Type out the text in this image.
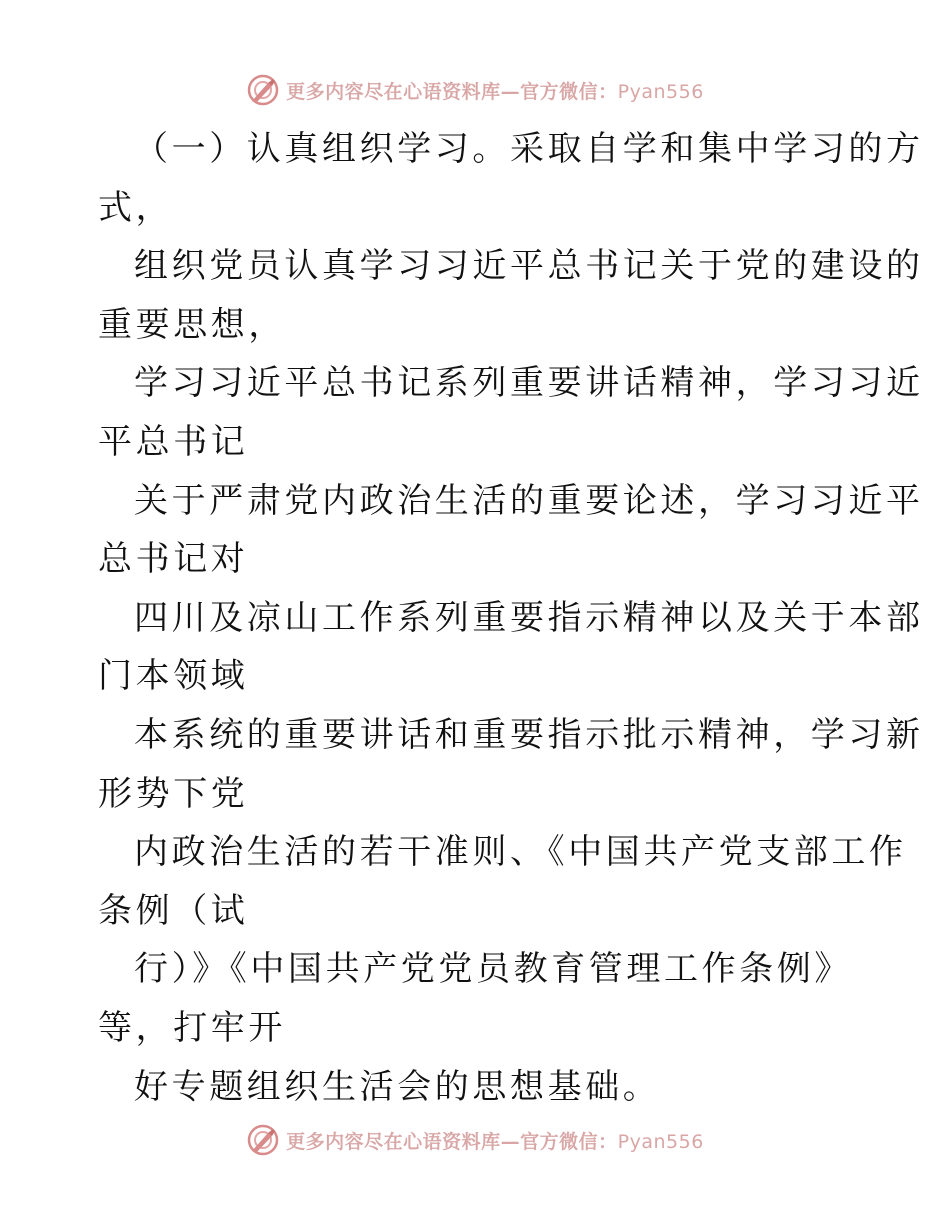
更多内容尽在心语资料库—官方微信：Pyan556
（一）认真组织学习。采取自学和集中学习的方
式，
组织党员认真学习习近平总书记关于党的建设的
重要思想，
学习习近平总书记系列重要讲话精神，学习习近
平总书记
关于严肃党内政治生活的重要论述，学习习近平
总书记对
四川及凉山工作系列重要指示精神以及关于本部
门本领域
本系统的重要讲话和重要指示批示精神，学习新
形势下党
内政治生活的若干准则、《中国共产党支部工作
条例（试
行）》《中国共产党党员教育管理工作条例》
等，打牢开
好专题组织生活会的思想基础。
更多内容尽在心语资料库—官方微信：Pyan556
